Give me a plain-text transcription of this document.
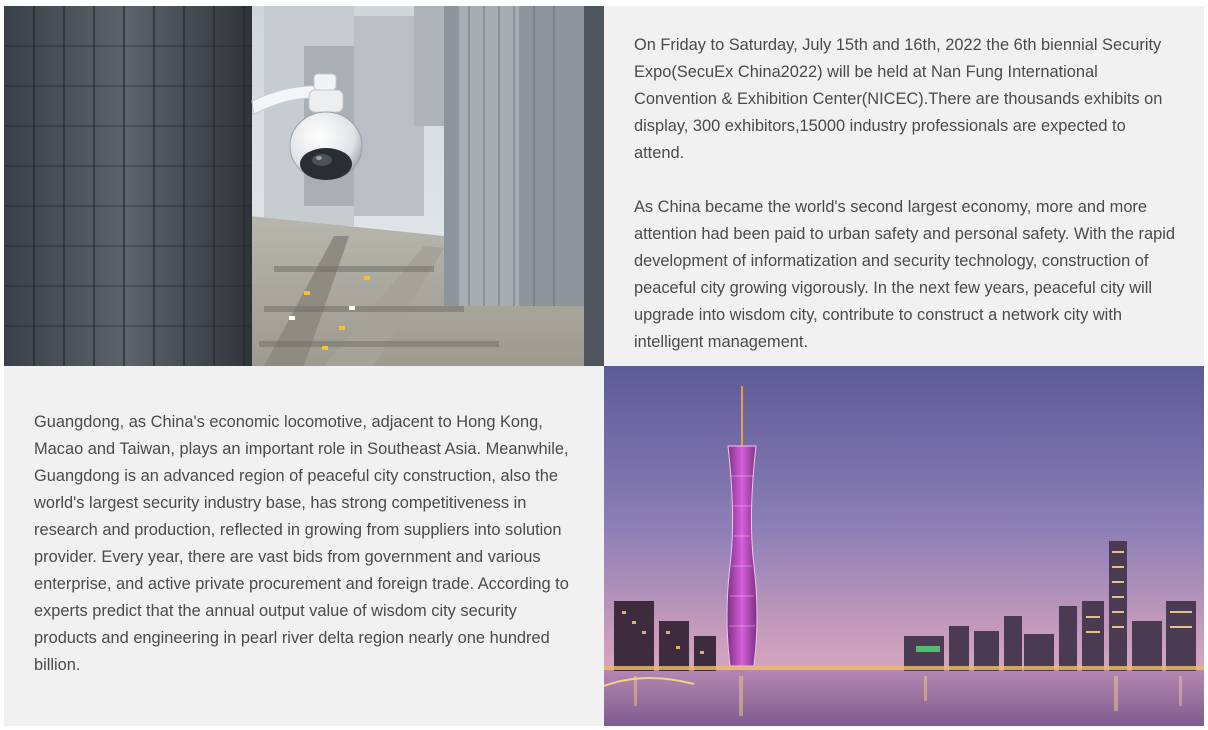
On Friday to Saturday, July 15th and 16th, 2022 the 6th biennial Security Expo(SecuEx China2022) will be held at Nan Fung International Convention & Exhibition Center(NICEC).There are thousands exhibits on display, 300 exhibitors,15000 industry professionals are expected to attend.

As China became the world's second largest economy, more and more attention had been paid to urban safety and personal safety. With the rapid development of informatization and security technology, construction of peaceful city growing vigorously. In the next few years, peaceful city will upgrade into wisdom city, contribute to construct a network city with intelligent management.

Guangdong, as China's economic locomotive, adjacent to Hong Kong, Macao and Taiwan, plays an important role in Southeast Asia. Meanwhile, Guangdong is an advanced region of peaceful city construction, also the world's largest security industry base, has strong competitiveness in research and production, reflected in growing from suppliers into solution provider. Every year, there are vast bids from government and various enterprise, and active private procurement and foreign trade. According to experts predict that the annual output value of wisdom city security products and engineering in pearl river delta region nearly one hundred billion.
